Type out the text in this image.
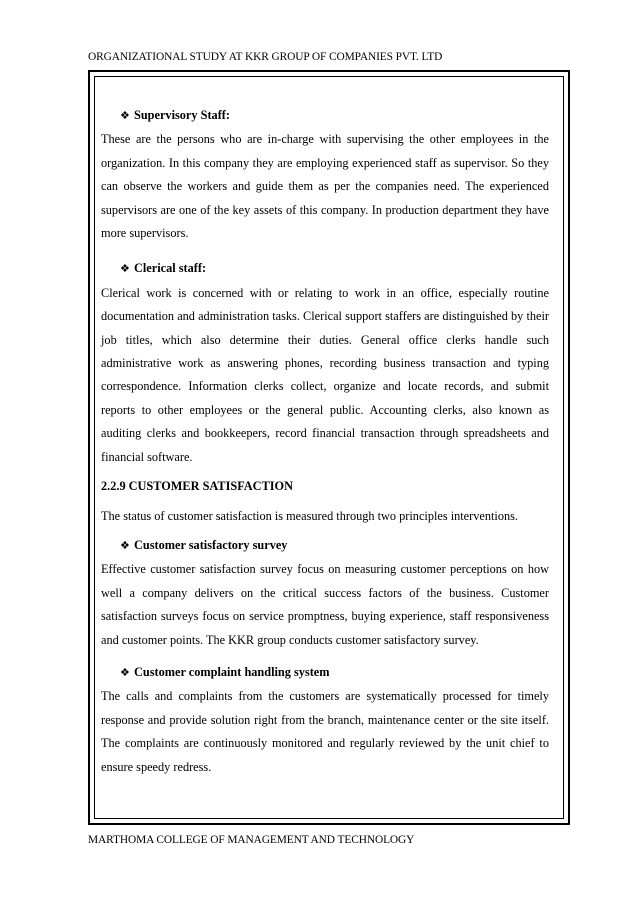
ORGANIZATIONAL STUDY AT KKR GROUP OF COMPANIES PVT. LTD
❖ Supervisory Staff:

These are the persons who are in-charge with supervising the other employees in the organization. In this company they are employing experienced staff as supervisor. So they can observe the workers and guide them as per the companies need. The experienced supervisors are one of the key assets of this company. In production department they have more supervisors.

❖ Clerical staff:

Clerical work is concerned with or relating to work in an office, especially routine documentation and administration tasks. Clerical support staffers are distinguished by their job titles, which also determine their duties. General office clerks handle such administrative work as answering phones, recording business transaction and typing correspondence. Information clerks collect, organize and locate records, and submit reports to other employees or the general public. Accounting clerks, also known as auditing clerks and bookkeepers, record financial transaction through spreadsheets and financial software.

2.2.9 CUSTOMER SATISFACTION

The status of customer satisfaction is measured through two principles interventions.

❖ Customer satisfactory survey

Effective customer satisfaction survey focus on measuring customer perceptions on how well a company delivers on the critical success factors of the business. Customer satisfaction surveys focus on service promptness, buying experience, staff responsiveness and customer points. The KKR group conducts customer satisfactory survey.

❖ Customer complaint handling system

The calls and complaints from the customers are systematically processed for timely response and provide solution right from the branch, maintenance center or the site itself. The complaints are continuously monitored and regularly reviewed by the unit chief to ensure speedy redress.

MARTHOMA COLLEGE OF MANAGEMENT AND TECHNOLOGY
